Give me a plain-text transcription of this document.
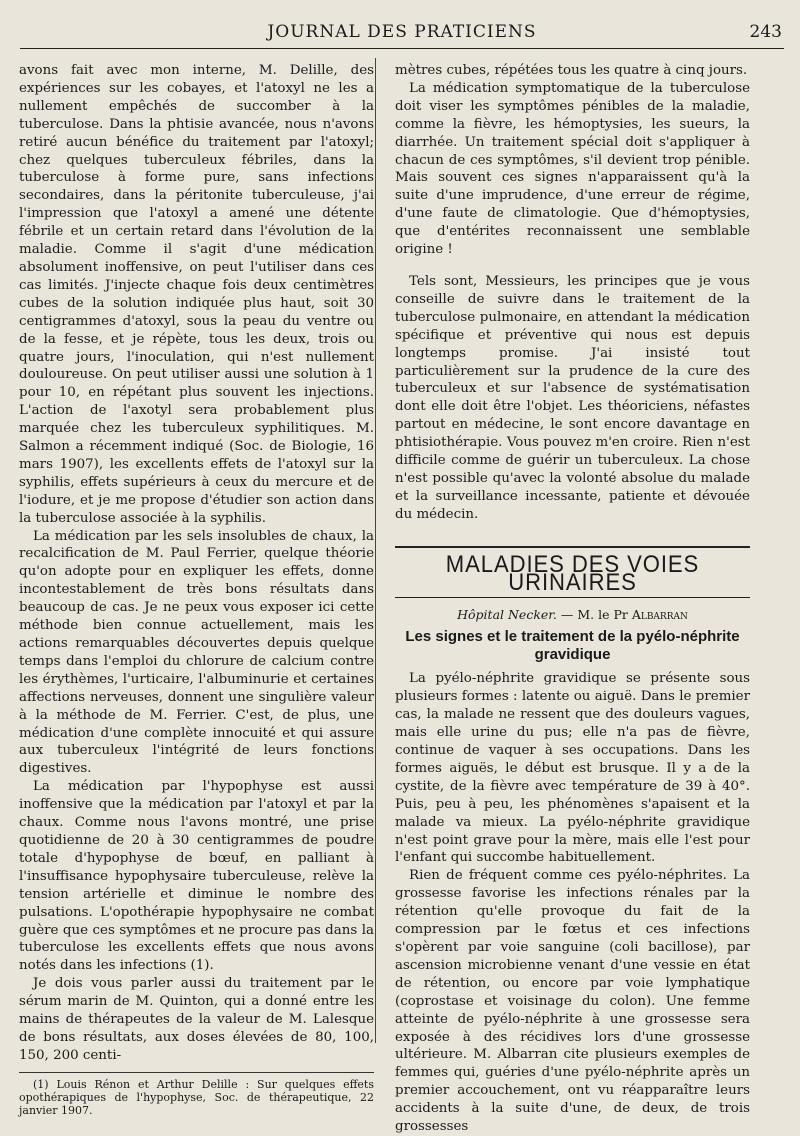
JOURNAL DES PRATICIENS	243

avons fait avec mon interne, M. Delille, des expériences sur les cobayes, et l'atoxyl ne les a nullement empêchés de succomber à la tuberculose. Dans la phtisie avancée, nous n'avons retiré aucun bénéfice du traitement par l'atoxyl; chez quelques tuberculeux fébriles, dans la tuberculose à forme pure, sans infections secondaires, dans la péritonite tuberculeuse, j'ai l'impression que l'atoxyl a amené une détente fébrile et un certain retard dans l'évolution de la maladie. Comme il s'agit d'une médication absolument inoffensive, on peut l'utiliser dans ces cas limités. J'injecte chaque fois deux centimètres cubes de la solution indiquée plus haut, soit 30 centigrammes d'atoxyl, sous la peau du ventre ou de la fesse, et je répète, tous les deux, trois ou quatre jours, l'inoculation, qui n'est nullement douloureuse. On peut utiliser aussi une solution à 1 pour 10, en répétant plus souvent les injections. L'action de l'axotyl sera probablement plus marquée chez les tuberculeux syphilitiques. M. Salmon a récemment indiqué (Soc. de Biologie, 16 mars 1907), les excellents effets de l'atoxyl sur la syphilis, effets supérieurs à ceux du mercure et de l'iodure, et je me propose d'étudier son action dans la tuberculose associée à la syphilis.

La médication par les sels insolubles de chaux, la recalcification de M. Paul Ferrier, quelque théorie qu'on adopte pour en expliquer les effets, donne incontestablement de très bons résultats dans beaucoup de cas. Je ne peux vous exposer ici cette méthode bien connue actuellement, mais les actions remarquables découvertes depuis quelque temps dans l'emploi du chlorure de calcium contre les érythèmes, l'urticaire, l'albuminurie et certaines affections nerveuses, donnent une singulière valeur à la méthode de M. Ferrier. C'est, de plus, une médication d'une complète innocuité et qui assure aux tuberculeux l'intégrité de leurs fonctions digestives.

La médication par l'hypophyse est aussi inoffensive que la médication par l'atoxyl et par la chaux. Comme nous l'avons montré, une prise quotidienne de 20 à 30 centigrammes de poudre totale d'hypophyse de bœuf, en palliant à l'insuffisance hypophysaire tuberculeuse, relève la tension artérielle et diminue le nombre des pulsations. L'opothérapie hypophysaire ne combat guère que ces symptômes et ne procure pas dans la tuberculose les excellents effets que nous avons notés dans les infections (1).

Je dois vous parler aussi du traitement par le sérum marin de M. Quinton, qui a donné entre les mains de thérapeutes de la valeur de M. Lalesque de bons résultats, aux doses élevées de 80, 100, 150, 200 centi-

(1) Louis Rénon et Arthur Delille : Sur quelques effets opothérapiques de l'hypophyse, Soc. de thérapeutique, 22 janvier 1907.

mètres cubes, répétées tous les quatre à cinq jours.

La médication symptomatique de la tuberculose doit viser les symptômes pénibles de la maladie, comme la fièvre, les hémoptysies, les sueurs, la diarrhée. Un traitement spécial doit s'appliquer à chacun de ces symptômes, s'il devient trop pénible. Mais souvent ces signes n'apparaissent qu'à la suite d'une imprudence, d'une erreur de régime, d'une faute de climatologie. Que d'hémoptysies, que d'entérites reconnaissent une semblable origine !

Tels sont, Messieurs, les principes que je vous conseille de suivre dans le traitement de la tuberculose pulmonaire, en attendant la médication spécifique et préventive qui nous est depuis longtemps promise. J'ai insisté tout particulièrement sur la prudence de la cure des tuberculeux et sur l'absence de systématisation dont elle doit être l'objet. Les théoriciens, néfastes partout en médecine, le sont encore davantage en phtisiothérapie. Vous pouvez m'en croire. Rien n'est difficile comme de guérir un tuberculeux. La chose n'est possible qu'avec la volonté absolue du malade et la surveillance incessante, patiente et dévouée du médecin.

MALADIES DES VOIES URINAIRES
Hôpital Necker. — M. le Pr Albarran
Les signes et le traitement de la pyélo-néphrite gravidique

La pyélo-néphrite gravidique se présente sous plusieurs formes : latente ou aiguë. Dans le premier cas, la malade ne ressent que des douleurs vagues, mais elle urine du pus; elle n'a pas de fièvre, continue de vaquer à ses occupations. Dans les formes aiguës, le début est brusque. Il y a de la cystite, de la fièvre avec température de 39 à 40°. Puis, peu à peu, les phénomènes s'apaisent et la malade va mieux. La pyélo-néphrite gravidique n'est point grave pour la mère, mais elle l'est pour l'enfant qui succombe habituellement.

Rien de fréquent comme ces pyélo-néphrites. La grossesse favorise les infections rénales par la rétention qu'elle provoque du fait de la compression par le fœtus et ces infections s'opèrent par voie sanguine (coli bacillose), par ascension microbienne venant d'une vessie en état de rétention, ou encore par voie lymphatique (coprostase et voisinage du colon). Une femme atteinte de pyélo-néphrite à une grossesse sera exposée à des récidives lors d'une grossesse ultérieure. M. Albarran cite plusieurs exemples de femmes qui, guéries d'une pyélo-néphrite après un premier accouchement, ont vu réapparaître leurs accidents à la suite d'une, de deux, de trois grossesses
